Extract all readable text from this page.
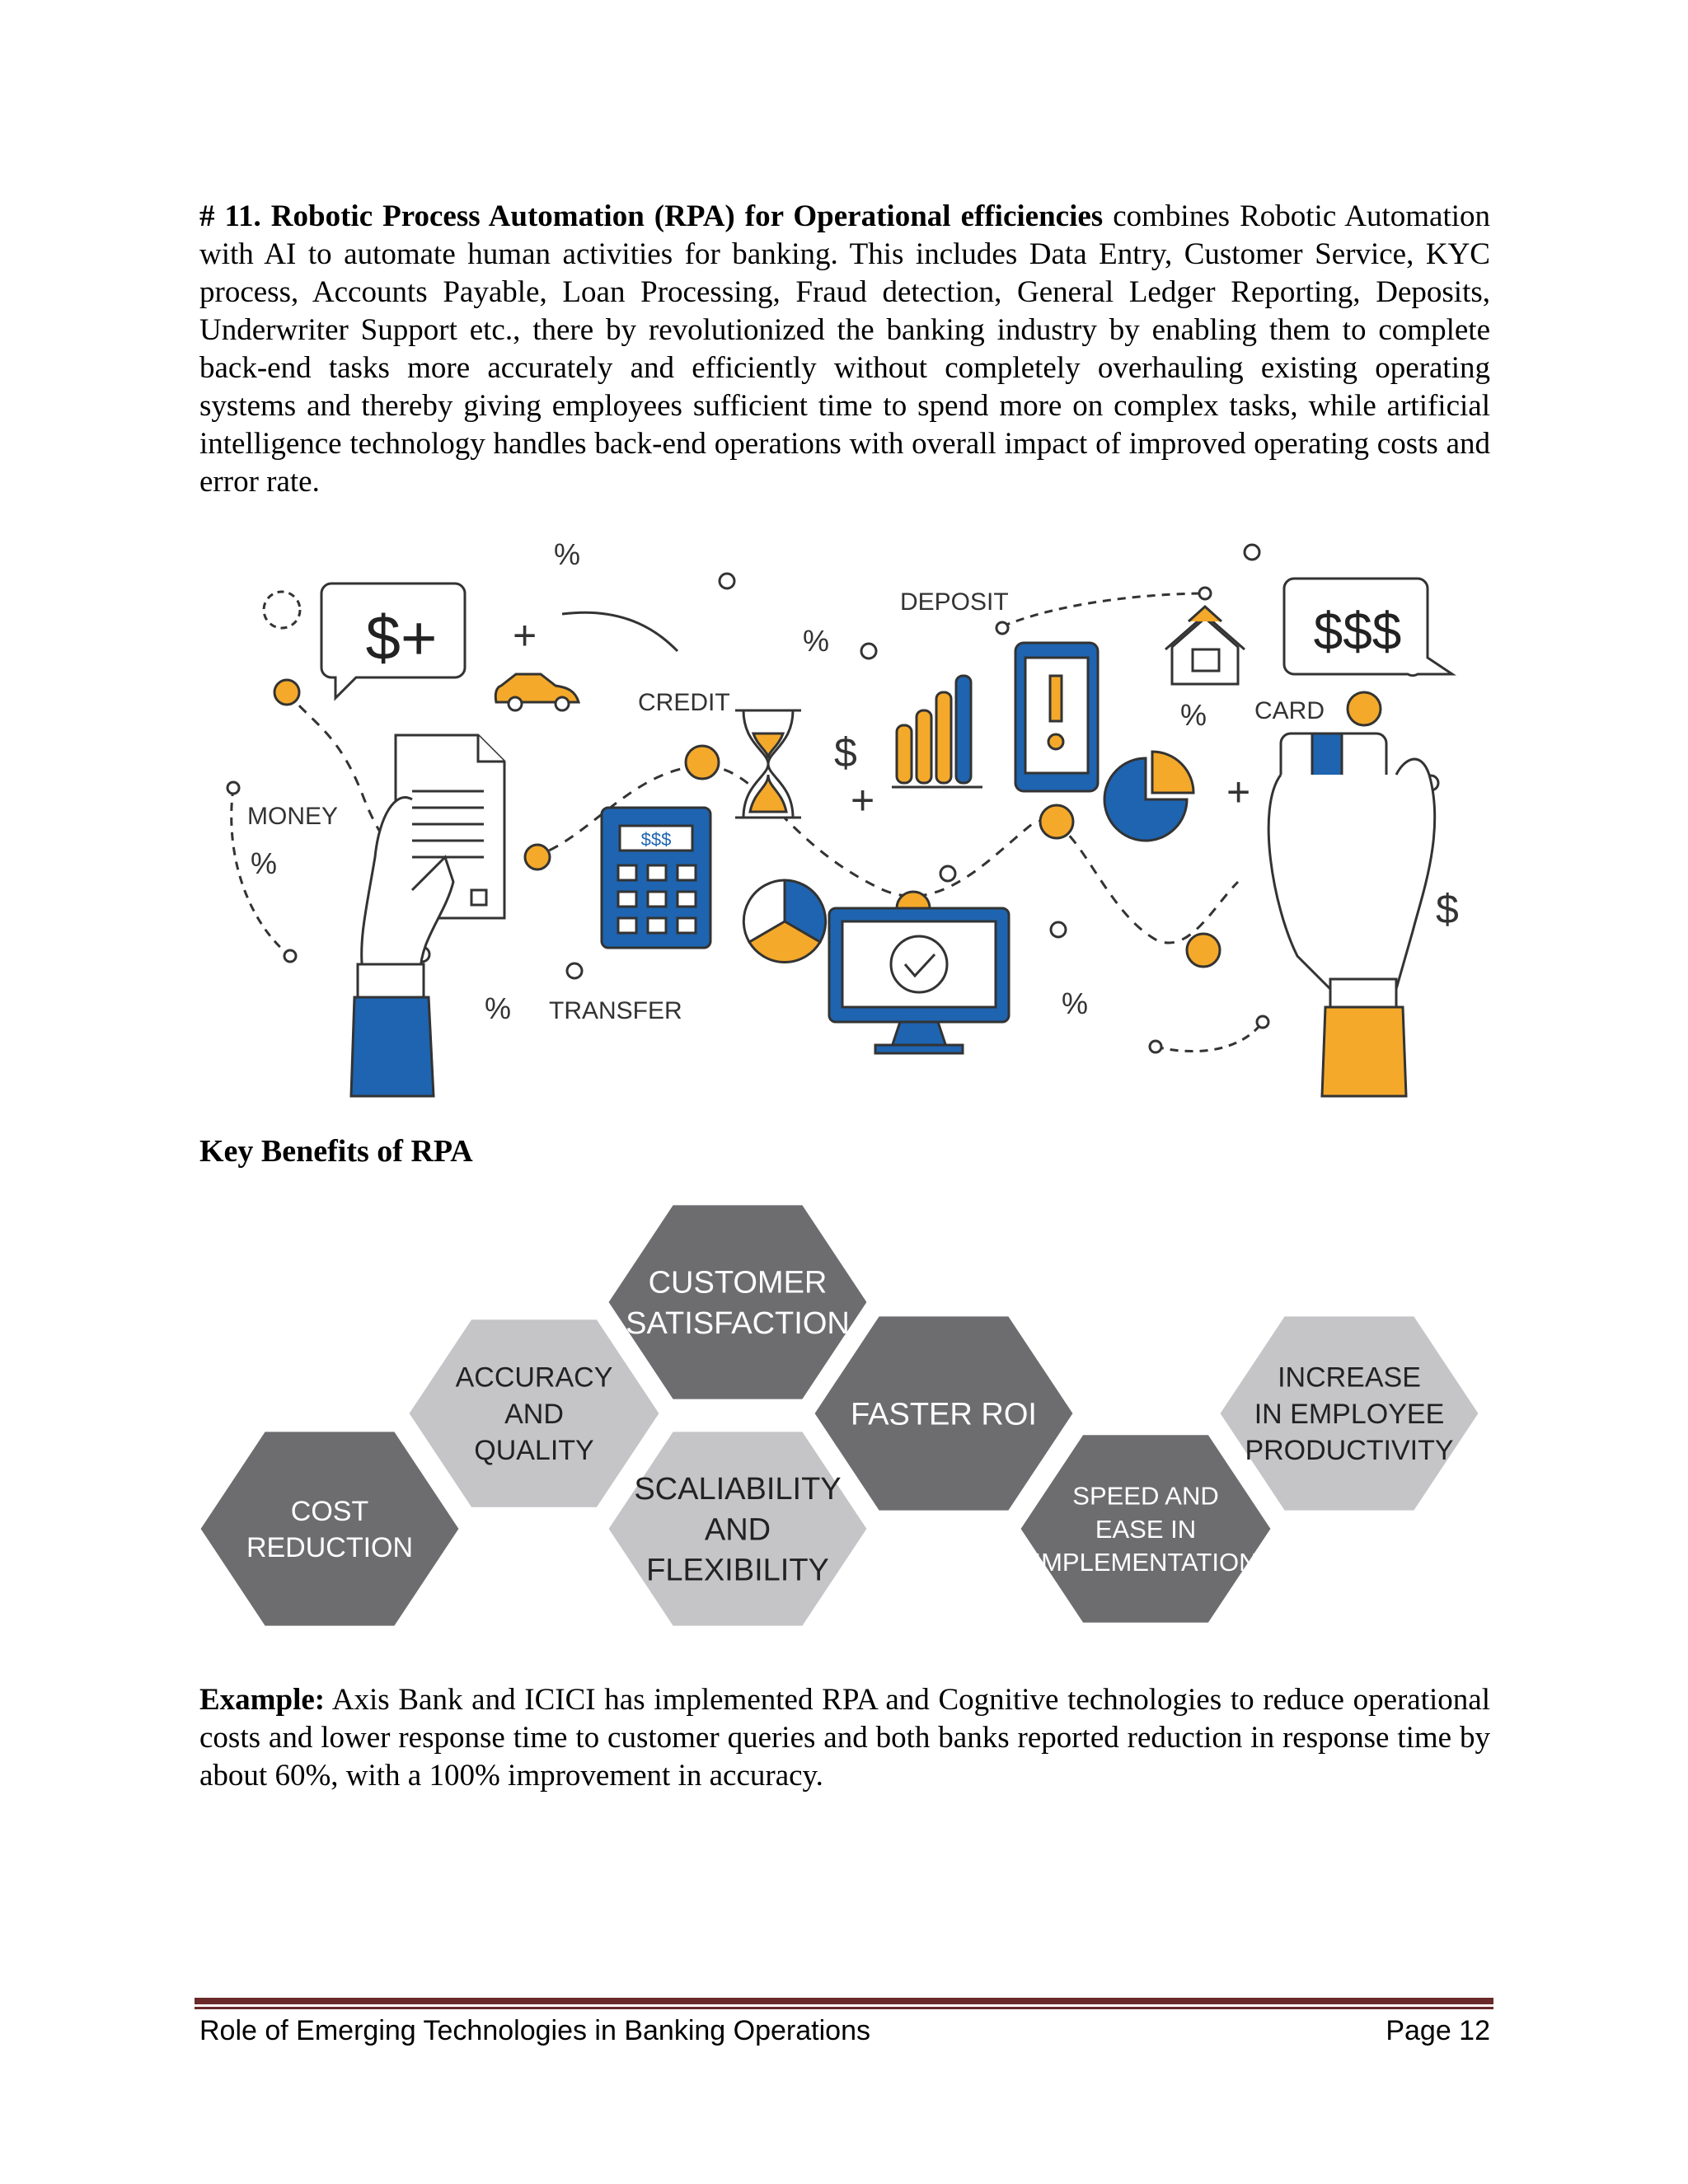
# 11. Robotic Process Automation (RPA) for Operational efficiencies combines Robotic Automation with AI to automate human activities for banking. This includes Data Entry, Customer Service, KYC process, Accounts Payable, Loan Processing, Fraud detection, General Ledger Reporting, Deposits, Underwriter Support etc., there by revolutionized the banking industry by enabling them to complete back-end tasks more accurately and efficiently without completely overhauling existing operating systems and thereby giving employees sufficient time to spend more on complex tasks, while artificial intelligence technology handles back-end operations with overall impact of improved operating costs and error rate.

$+	$$$
$$$
MONEY
CREDIT
DEPOSIT
CARD
TRANSFER
%
%
%
%
%	%
+
+	+
$
$
Key Benefits of RPA
COST
REDUCTION
ACCURACY
AND
QUALITY
CUSTOMER
SATISFACTION
SCALIABILITY
AND
FLEXIBILITY
FASTER ROI
SPEED AND
EASE IN
IMPLEMENTATION
INCREASE
IN EMPLOYEE
PRODUCTIVITY

Example: Axis Bank and ICICI has implemented RPA and Cognitive technologies to reduce operational costs and lower response time to customer queries and both banks reported reduction in response time by about 60%, with a 100% improvement in accuracy.

Role of Emerging Technologies in Banking Operations	Page 12
